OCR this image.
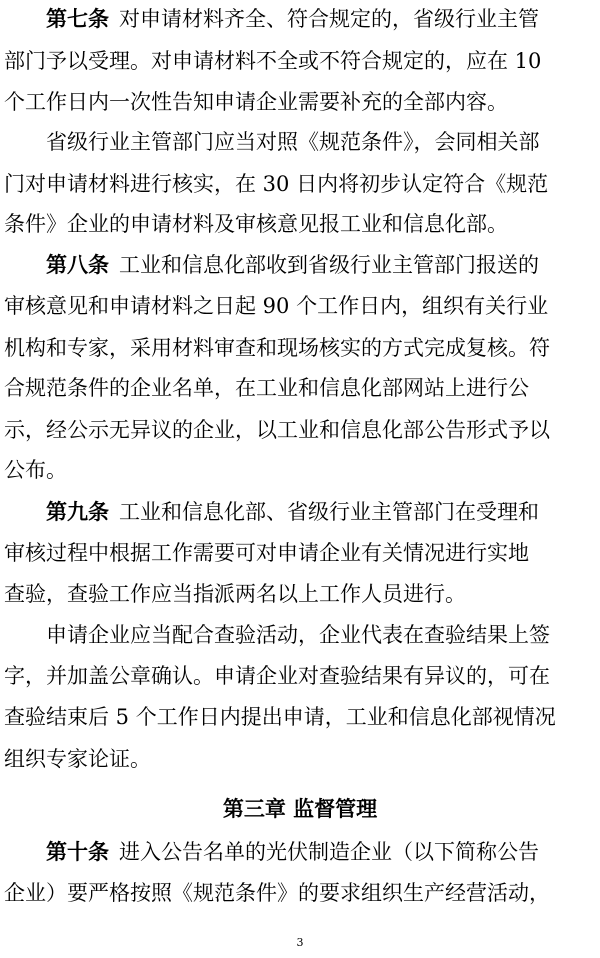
第七条 对申请材料齐全、符合规定的，省级行业主管
部门予以受理。对申请材料不全或不符合规定的，应在 10
个工作日内一次性告知申请企业需要补充的全部内容。
省级行业主管部门应当对照《规范条件》，会同相关部
门对申请材料进行核实，在 30 日内将初步认定符合《规范
条件》企业的申请材料及审核意见报工业和信息化部。
第八条 工业和信息化部收到省级行业主管部门报送的
审核意见和申请材料之日起 90 个工作日内，组织有关行业
机构和专家，采用材料审查和现场核实的方式完成复核。符
合规范条件的企业名单，在工业和信息化部网站上进行公
示，经公示无异议的企业，以工业和信息化部公告形式予以
公布。
第九条 工业和信息化部、省级行业主管部门在受理和
审核过程中根据工作需要可对申请企业有关情况进行实地
查验，查验工作应当指派两名以上工作人员进行。
申请企业应当配合查验活动，企业代表在查验结果上签
字，并加盖公章确认。申请企业对查验结果有异议的，可在
查验结束后 5 个工作日内提出申请，工业和信息化部视情况
组织专家论证。
第三章 监督管理
第十条 进入公告名单的光伏制造企业（以下简称公告
企业）要严格按照《规范条件》的要求组织生产经营活动，
3
